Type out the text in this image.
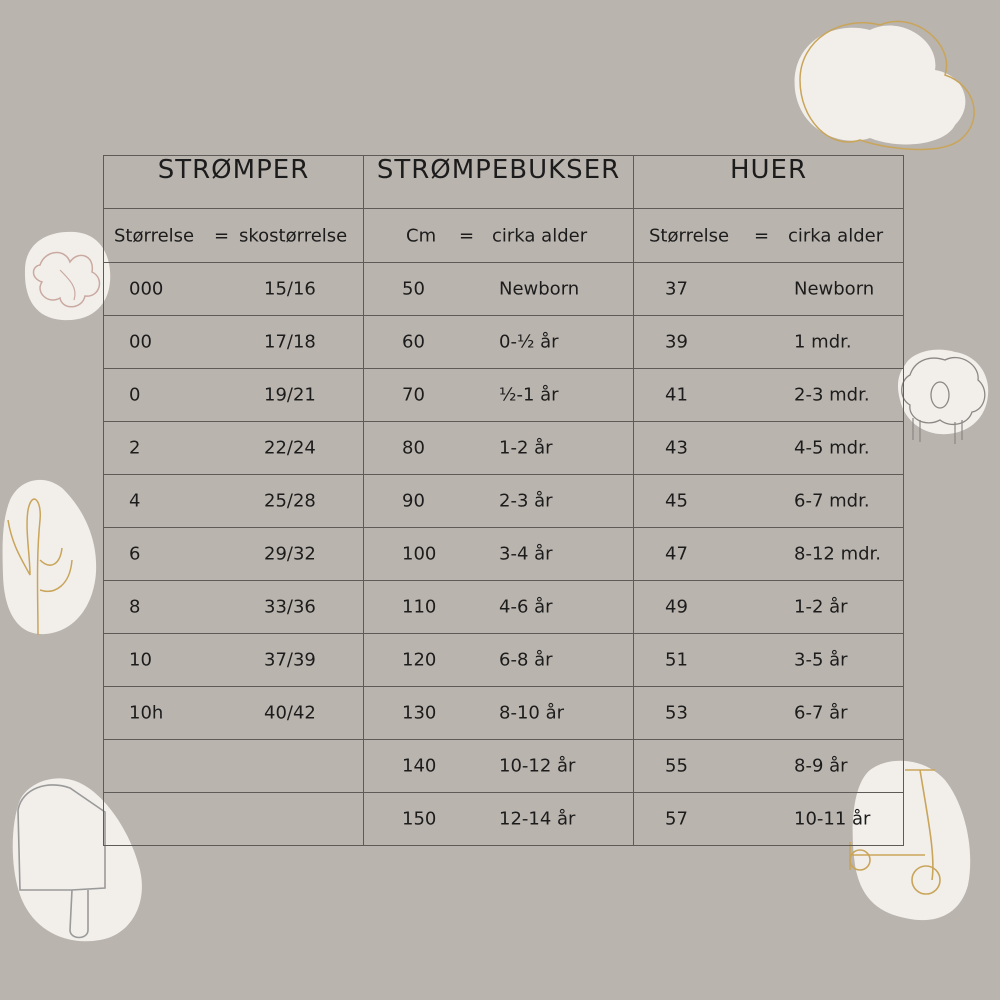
STRØMPER	STRØMPEBUKSER	HUER

Størrelse = skostørrelse	Cm = cirka alder	Størrelse = cirka alder

000 15/16	50 Newborn	37 Newborn

00 17/18	60 0-½ år	39 1 mdr.

0 19/21	70 ½-1 år	41 2-3 mdr.

2 22/24	80 1-2 år	43 4-5 mdr.

4 25/28	90 2-3 år	45 6-7 mdr.

6 29/32	100 3-4 år	47 8-12 mdr.

8 33/36	110 4-6 år	49 1-2 år

10 37/39	120 6-8 år	51 3-5 år

10h 40/42	130 8-10 år	53 6-7 år

	140 10-12 år	55 8-9 år

	150 12-14 år	57 10-11 år
